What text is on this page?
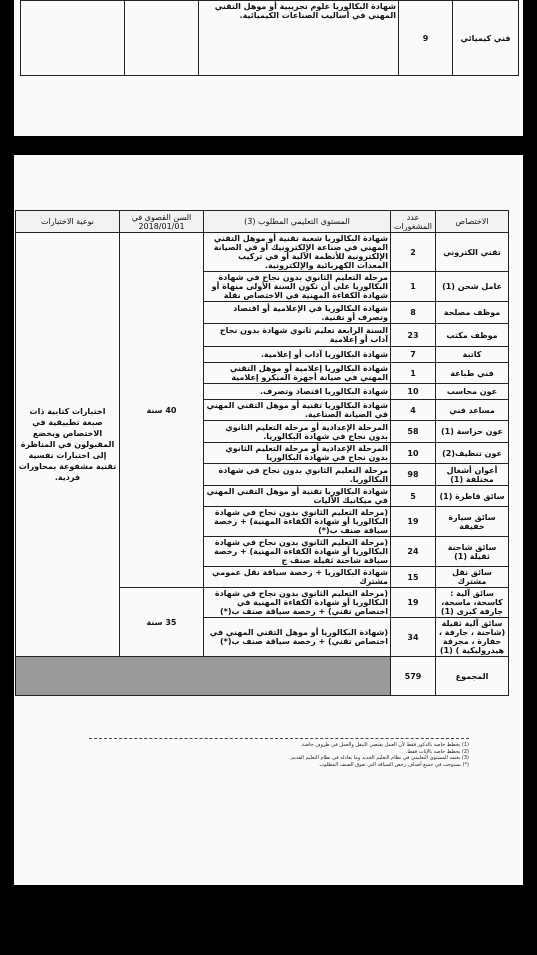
فني كيميائي	9	شهادة البكالوريا علوم تجريبية أو موهل التقني المهني في أساليب الصناعات الكيميائية.		
الاختصاص	عدد المشغورات	المستوى التعليمي المطلوب (3)	السن القصوى في 2018/01/01	نوعية الاختبارات
تقني الكتروني	2	شهادة البكالوريا شعبة تقنية أو موهل التقني المهني في صناعة الإلكترونيك أو في الصيانة الإلكترونية للأنظمة الآلية أو في تركيب المعدات الكهربائية والإلكترونية.	40 سنة	اختبارات كتابية ذات صبغة تطبيقية في الاختصاص ويخضع المقبولون في المناظرة إلى اختبارات نفسية تقنية مشفوعة بمحاورات فردية.
عامل شحن (1)	1	مرحلة التعليم الثانوي بدون نجاح في شهادة البكالوريا على أن تكون السنة الأولى منهاة أو شهادة الكفاءة المهنية في الاختصاص نقلة		
موظف مصلحة	8	شهادة البكالوريا في الإعلامية أو اقتصاد وتصرف أو تقنية.		
موظف مكتب	23	السنة الرابعة تعليم ثانوي شهادة بدون نجاح آداب أو إعلامية		
كاتبة	7	شهادة البكالوريا آداب أو إعلامية.		
فني طباعة	1	شهادة البكالوريا إعلامية أو موهل التقني المهني في صيانة أجهزة الميكرو إعلامية		
عون محاسب	10	شهادة البكالوريا اقتصاد وتصرف.		
مساعد فني	4	شهادة البكالوريا تقنية أو موهل التقني المهني في الصيانة الصناعية.		
عون حراسة (1)	58	المرحلة الإعدادية أو مرحلة التعليم الثانوي بدون نجاح في شهادة البكالوريا.		
عون تنظيف(2)	10	المرحلة الإعدادية أو مرحلة التعليم الثانوي بدون نجاح في شهادة البكالوريا		
أعوان أشغال مختلفة (1)	98	مرحلة التعليم الثانوي بدون نجاح في شهادة البكالوريا.		
سائق قاطرة (1)	5	شهادة البكالوريا تقنية أو موهل التقني المهني في ميكانيك الآليات		
سائق سيارة خفيفة	19	(مرحلة التعليم الثانوي بدون نجاح في شهادة البكالوريا أو شهادة الكفاءة المهنية) + رخصة سياقة صنف ب(*)		
سائق شاحنة ثقيلة (1)	24	(مرحلة التعليم الثانوي بدون نجاح في شهادة البكالوريا أو شهادة الكفاءة المهنية) + رخصة سياقة شاحنة ثقيلة صنف ج		
سائق نقل مشترك	15	شهادة البكالوريا + رخصة سياقة نقل عمومي مشترك		
سائق آلية : كاسحة، ماسحة، جارفة كبرى (1)	19	(مرحلة التعليم الثانوي بدون نجاح في شهادة البكالوريا أو شهادة الكفاءة المهنية في اختصاص تقني) + رخصة سياقة صنف ب(*)	35 سنة	
سائق آلية ثقيلة (شاحنة ، جارفة ، حفارة ، مجرفة هيدروليكية ) (1)	34	(شهادة البكالوريا أو موهل التقني المهني في اختصاص تقني) + رخصة سياقة صنف ب(*)		
المجموع	579			
(1) يخطط خاصة بالذكور فقط لأن العمل يقتضي التنقل والعمل في ظروف خاصة.
(2) يخطط خاصة بالإناث فقط.
(3) يعتمد المستوى التعليمي في نظام التعليم الجديد وما يعادله في نظام التعليم القديم.
(*) يستوجب في جميع أصناف رخص السياقة التي تفوق الصنف المطلوب
